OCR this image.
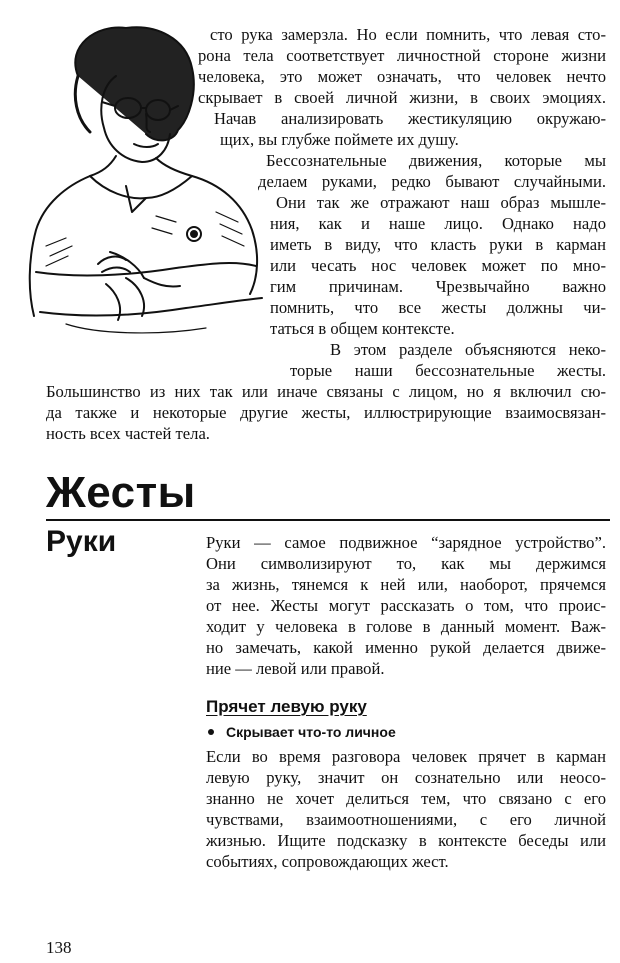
сто рука замерзла. Но если помнить, что левая сто-
рона тела соответствует личностной стороне жизни
человека, это может означать, что человек нечто
скрывает в своей личной жизни, в своих эмоциях.
Начав анализировать жестикуляцию окружаю-
щих, вы глубже поймете их душу.
Бессознательные движения, которые мы
делаем руками, редко бывают случайными.
Они так же отражают наш образ мышле-
ния, как и наше лицо. Однако надо
иметь в виду, что класть руки в карман
или чесать нос человек может по мно-
гим причинам. Чрезвычайно важно
помнить, что все жесты должны чи-
таться в общем контексте.
В этом разделе объясняются неко-
торые наши бессознательные жесты.
Большинство из них так или иначе связаны с лицом, но я включил сю-
да также и некоторые другие жесты, иллюстрирующие взаимосвязан-
ность всех частей тела.
Жесты
Руки	Руки — самое подвижное “зарядное устройство”.
Они символизируют то, как мы держимся
за жизнь, тянемся к ней или, наоборот, прячемся
от нее. Жесты могут рассказать о том, что проис-
ходит у человека в голове в данный момент. Важ-
но замечать, какой именно рукой делается движе-
ние — левой или правой.
Прячет левую руку
Скрывает что-то личное
Если во время разговора человек прячет в карман
левую руку, значит он сознательно или неосо-
знанно не хочет делиться тем, что связано с его
чувствами, взаимоотношениями, с его личной
жизнью. Ищите подсказку в контексте беседы или
событиях, сопровождающих жест.
138
